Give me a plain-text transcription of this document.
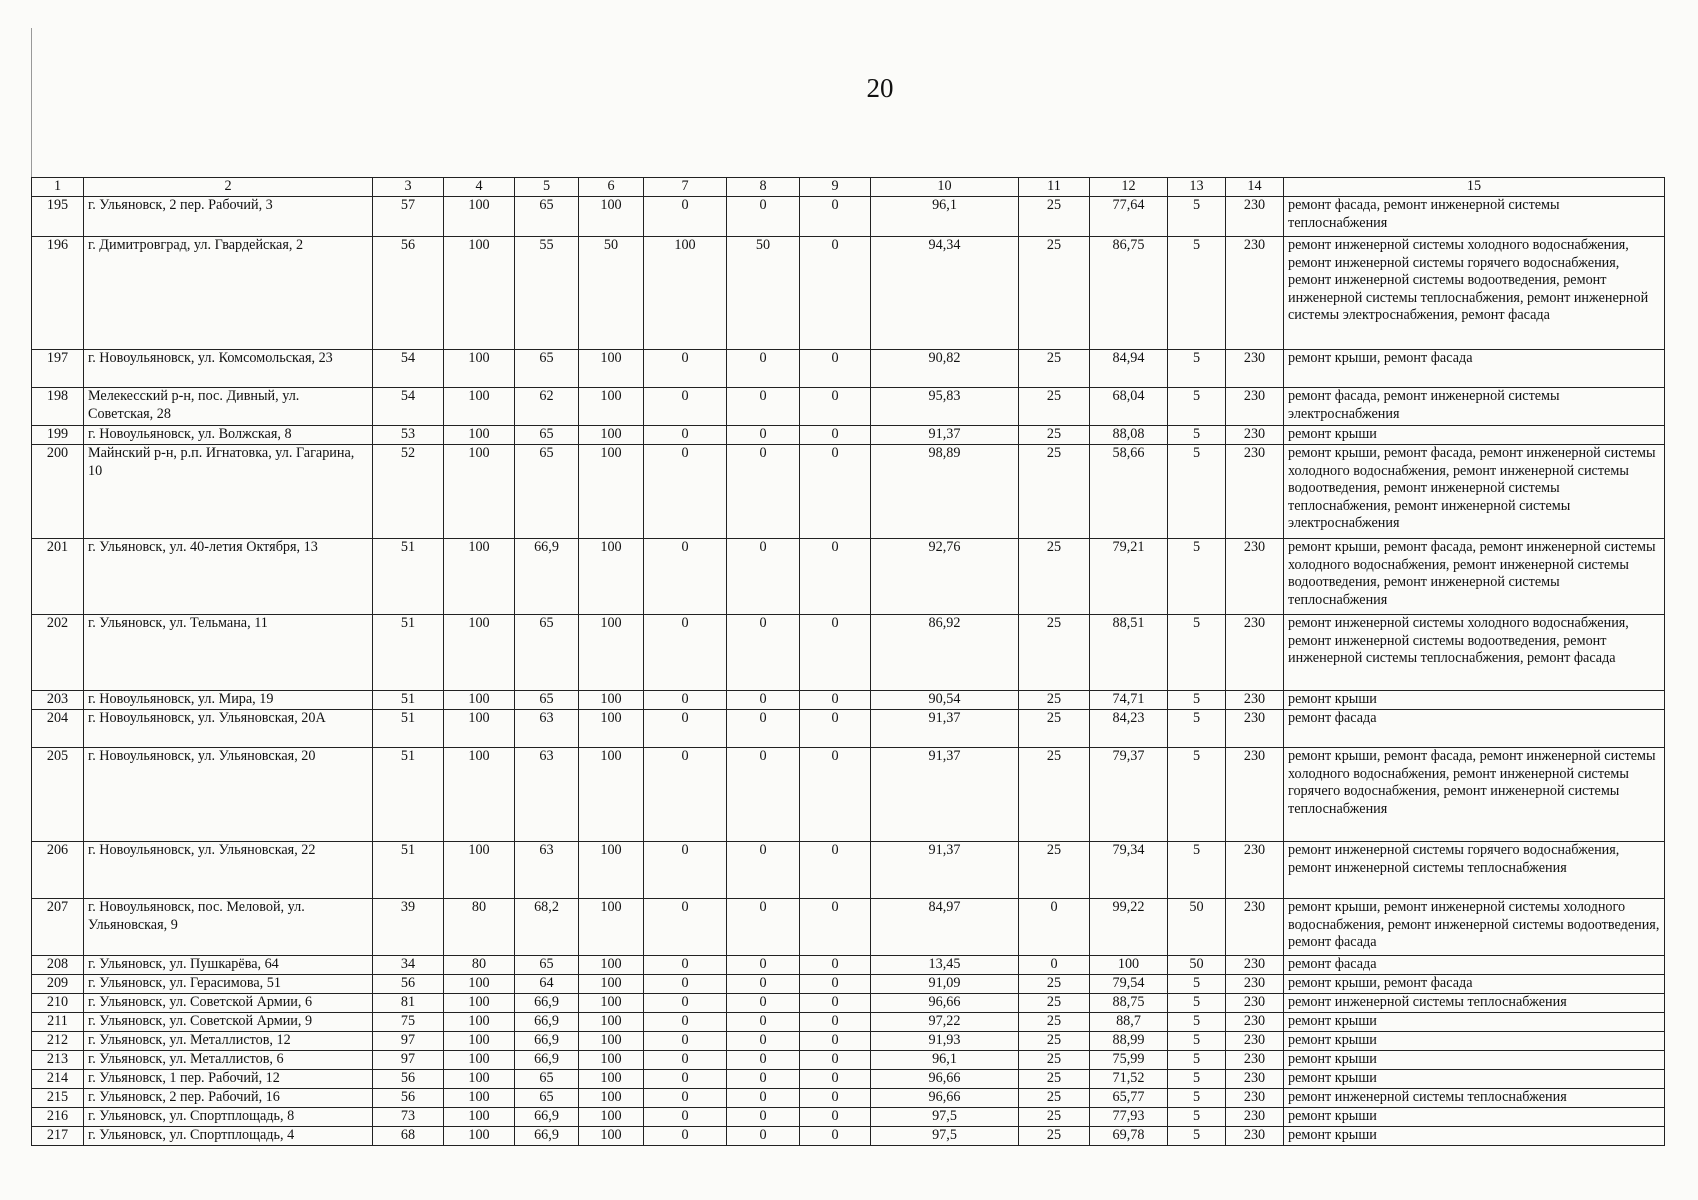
20
1	2	3	4	5	6	7	8	9	10	11	12	13	14	15
195	г. Ульяновск, 2 пер. Рабочий, 3	57	100	65	100	0	0	0	96,1	25	77,64	5	230	ремонт фасада, ремонт инженерной системы теплоснабжения
196	г. Димитровград, ул. Гвардейская, 2	56	100	55	50	100	50	0	94,34	25	86,75	5	230	ремонт инженерной системы холодного водоснабжения, ремонт инженерной системы горячего водоснабжения, ремонт инженерной системы водоотведения, ремонт инженерной системы теплоснабжения, ремонт инженерной системы электроснабжения, ремонт фасада
197	г. Новоульяновск, ул. Комсомольская, 23	54	100	65	100	0	0	0	90,82	25	84,94	5	230	ремонт крыши, ремонт фасада
198	Мелекесский р-н, пос. Дивный, ул. Советская, 28	54	100	62	100	0	0	0	95,83	25	68,04	5	230	ремонт фасада, ремонт инженерной системы электроснабжения
199	г. Новоульяновск, ул. Волжская, 8	53	100	65	100	0	0	0	91,37	25	88,08	5	230	ремонт крыши
200	Майнский р-н, р.п. Игнатовка, ул. Гагарина, 10	52	100	65	100	0	0	0	98,89	25	58,66	5	230	ремонт крыши, ремонт фасада, ремонт инженерной системы холодного водоснабжения, ремонт инженерной системы водоотведения, ремонт инженерной системы теплоснабжения, ремонт инженерной системы электроснабжения
201	г. Ульяновск, ул. 40-летия Октября, 13	51	100	66,9	100	0	0	0	92,76	25	79,21	5	230	ремонт крыши, ремонт фасада, ремонт инженерной системы холодного водоснабжения, ремонт инженерной системы водоотведения, ремонт инженерной системы теплоснабжения
202	г. Ульяновск, ул. Тельмана, 11	51	100	65	100	0	0	0	86,92	25	88,51	5	230	ремонт инженерной системы холодного водоснабжения, ремонт инженерной системы водоотведения, ремонт инженерной системы теплоснабжения, ремонт фасада
203	г. Новоульяновск, ул. Мира, 19	51	100	65	100	0	0	0	90,54	25	74,71	5	230	ремонт крыши
204	г. Новоульяновск, ул. Ульяновская, 20А	51	100	63	100	0	0	0	91,37	25	84,23	5	230	ремонт фасада
205	г. Новоульяновск, ул. Ульяновская, 20	51	100	63	100	0	0	0	91,37	25	79,37	5	230	ремонт крыши, ремонт фасада, ремонт инженерной системы холодного водоснабжения, ремонт инженерной системы горячего водоснабжения, ремонт инженерной системы теплоснабжения
206	г. Новоульяновск, ул. Ульяновская, 22	51	100	63	100	0	0	0	91,37	25	79,34	5	230	ремонт инженерной системы горячего водоснабжения, ремонт инженерной системы теплоснабжения
207	г. Новоульяновск, пос. Меловой, ул. Ульяновская, 9	39	80	68,2	100	0	0	0	84,97	0	99,22	50	230	ремонт крыши, ремонт инженерной системы холодного водоснабжения, ремонт инженерной системы водоотведения, ремонт фасада
208	г. Ульяновск, ул. Пушкарёва, 64	34	80	65	100	0	0	0	13,45	0	100	50	230	ремонт фасада
209	г. Ульяновск, ул. Герасимова, 51	56	100	64	100	0	0	0	91,09	25	79,54	5	230	ремонт крыши, ремонт фасада
210	г. Ульяновск, ул. Советской Армии, 6	81	100	66,9	100	0	0	0	96,66	25	88,75	5	230	ремонт инженерной системы теплоснабжения
211	г. Ульяновск, ул. Советской Армии, 9	75	100	66,9	100	0	0	0	97,22	25	88,7	5	230	ремонт крыши
212	г. Ульяновск, ул. Металлистов, 12	97	100	66,9	100	0	0	0	91,93	25	88,99	5	230	ремонт крыши
213	г. Ульяновск, ул. Металлистов, 6	97	100	66,9	100	0	0	0	96,1	25	75,99	5	230	ремонт крыши
214	г. Ульяновск, 1 пер. Рабочий, 12	56	100	65	100	0	0	0	96,66	25	71,52	5	230	ремонт крыши
215	г. Ульяновск, 2 пер. Рабочий, 16	56	100	65	100	0	0	0	96,66	25	65,77	5	230	ремонт инженерной системы теплоснабжения
216	г. Ульяновск, ул. Спортплощадь, 8	73	100	66,9	100	0	0	0	97,5	25	77,93	5	230	ремонт крыши
217	г. Ульяновск, ул. Спортплощадь, 4	68	100	66,9	100	0	0	0	97,5	25	69,78	5	230	ремонт крыши
